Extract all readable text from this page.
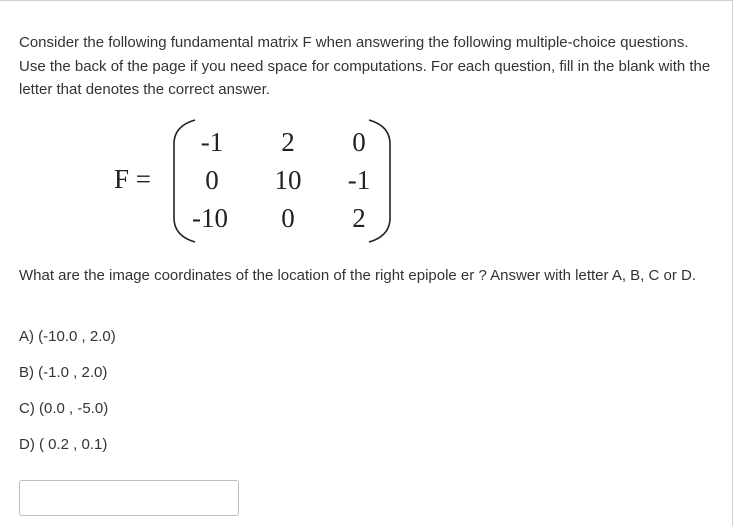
Consider the following fundamental matrix F when answering the following multiple-choice questions. Use the back of the page if you need space for computations. For each question, fill in the blank with the letter that denotes the correct answer.
F =
-1	2	0
0	10	-1
-10	0	2
What are the image coordinates of the location of the right epipole er ? Answer with letter A, B, C or D.
A) (-10.0 , 2.0)
B) (-1.0 , 2.0)
C) (0.0 , -5.0)
D) ( 0.2 , 0.1)
